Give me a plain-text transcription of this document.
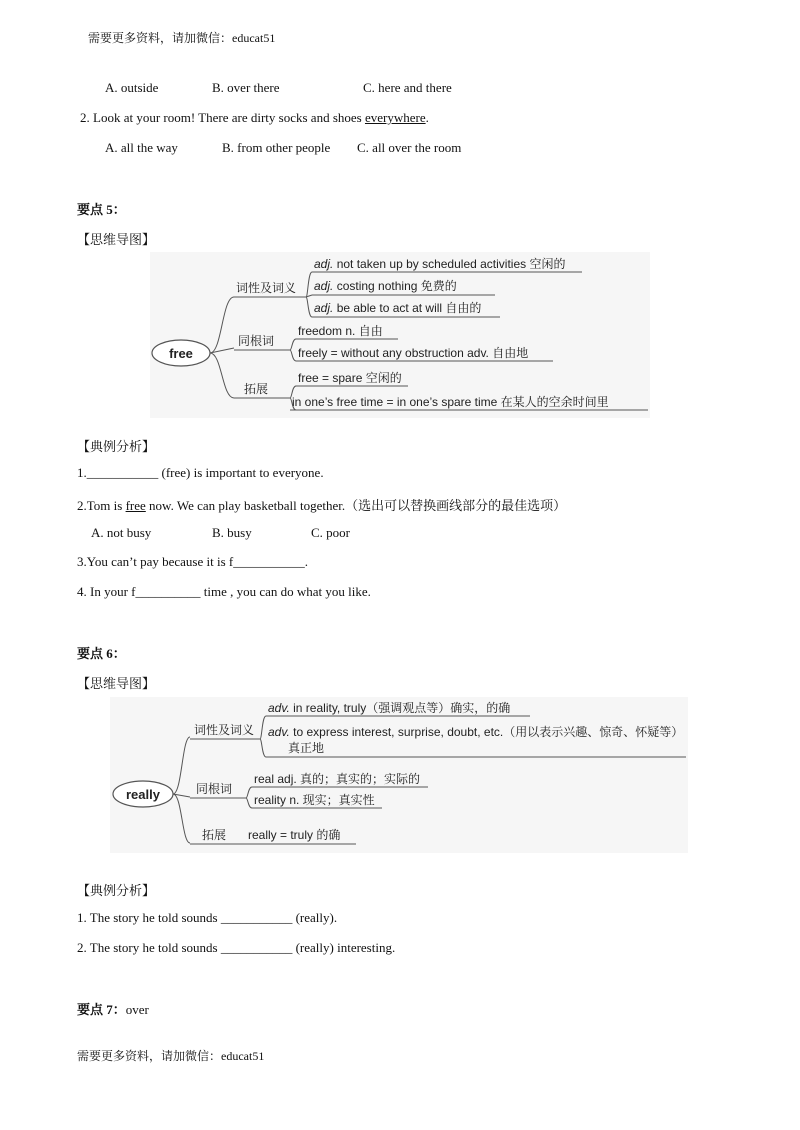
需要更多资料，请加微信：educat51
A. outside	B. over there	C. here and there
2. Look at your room! There are dirty socks and shoes everywhere.
A. all the way	B. from other people C. all over the room
要点 5：
【思维导图】
free
词性及词义
同根词
拓展
adj. not taken up by scheduled activities 空闲的
adj. costing nothing 免费的
adj. be able to act at will 自由的
freedom n. 自由
freely = without any obstruction adv. 自由地
free = spare 空闲的
in one’s free time = in one’s spare time 在某人的空余时间里
【典例分析】
1.___________ (free) is important to everyone.
2.Tom is free now. We can play basketball together.（选出可以替换画线部分的最佳选项）
A. not busy	B. busy	C. poor
3.You can’t pay because it is f___________.
4. In your f__________ time , you can do what you like.
要点 6：
【思维导图】
really
词性及词义
同根词
拓展
adv. in reality, truly（强调观点等）确实，的确
adv. to express interest, surprise, doubt, etc.（用以表示兴趣、惊奇、怀疑等）
真正地
real adj. 真的；真实的；实际的
reality n. 现实；真实性
really = truly 的确
【典例分析】
1. The story he told sounds ___________ (really).
2. The story he told sounds ___________ (really) interesting.
要点 7：over
需要更多资料，请加微信：educat51
